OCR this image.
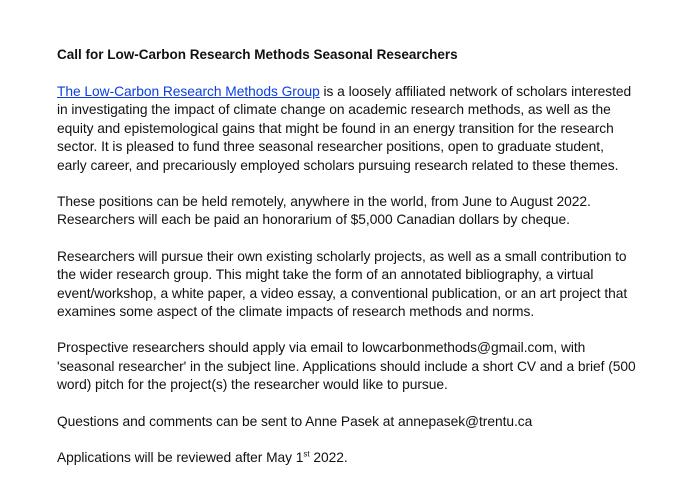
Call for Low-Carbon Research Methods Seasonal Researchers
The Low-Carbon Research Methods Group is a loosely affiliated network of scholars interested
in investigating the impact of climate change on academic research methods, as well as the
equity and epistemological gains that might be found in an energy transition for the research
sector. It is pleased to fund three seasonal researcher positions, open to graduate student,
early career, and precariously employed scholars pursuing research related to these themes.
These positions can be held remotely, anywhere in the world, from June to August 2022.
Researchers will each be paid an honorarium of $5,000 Canadian dollars by cheque.
Researchers will pursue their own existing scholarly projects, as well as a small contribution to
the wider research group. This might take the form of an annotated bibliography, a virtual
event/workshop, a white paper, a video essay, a conventional publication, or an art project that
examines some aspect of the climate impacts of research methods and norms.
Prospective researchers should apply via email to lowcarbonmethods@gmail.com, with
'seasonal researcher' in the subject line. Applications should include a short CV and a brief (500
word) pitch for the project(s) the researcher would like to pursue.
Questions and comments can be sent to Anne Pasek at annepasek@trentu.ca
Applications will be reviewed after May 1st 2022.
